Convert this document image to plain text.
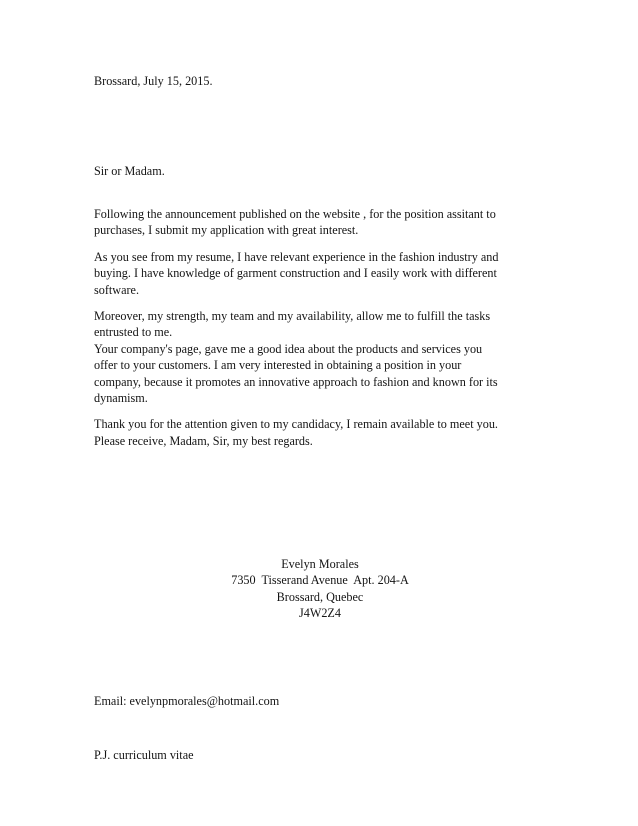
Brossard, July 15, 2015.
Sir or Madam.
Following the announcement published on the website , for the position assitant to
purchases, I submit my application with great interest.
As you see from my resume, I have relevant experience in the fashion industry and
buying. I have knowledge of garment construction and I easily work with different
software.
Moreover, my strength, my team and my availability, allow me to fulfill the tasks
entrusted to me.
Your company's page, gave me a good idea about the products and services you
offer to your customers. I am very interested in obtaining a position in your
company, because it promotes an innovative approach to fashion and known for its
dynamism.
Thank you for the attention given to my candidacy, I remain available to meet you.
Please receive, Madam, Sir, my best regards.
Evelyn Morales
7350  Tisserand Avenue  Apt. 204-A
Brossard, Quebec
J4W2Z4
Email: evelynpmorales@hotmail.com
P.J. curriculum vitae
